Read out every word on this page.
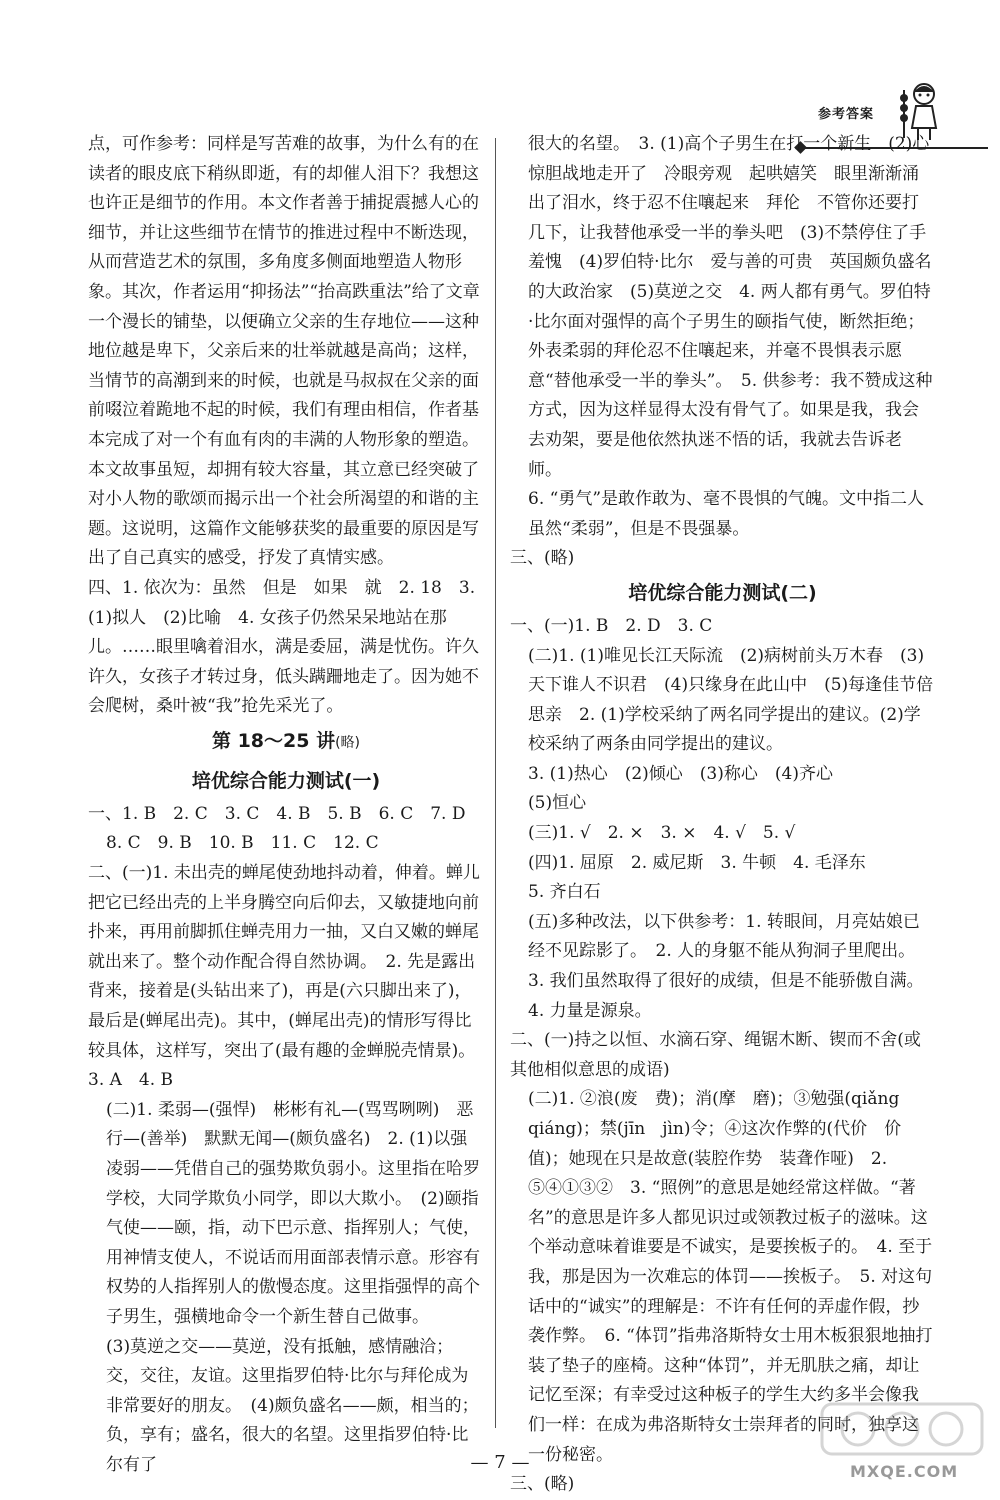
参考答案

点，可作参考：同样是写苦难的故事，为什么有的在读者的眼皮底下稍纵即逝，有的却催人泪下？我想这也许正是细节的作用。本文作者善于捕捉震撼人心的细节，并让这些细节在情节的推进过程中不断迭现，从而营造艺术的氛围，多角度多侧面地塑造人物形象。其次，作者运用“抑扬法”“抬高跌重法”给了文章一个漫长的铺垫，以便确立父亲的生存地位——这种地位越是卑下，父亲后来的壮举就越是高尚；这样，当情节的高潮到来的时候，也就是马叔叔在父亲的面前啜泣着跪地不起的时候，我们有理由相信，作者基本完成了对一个有血有肉的丰满的人物形象的塑造。本文故事虽短，却拥有较大容量，其立意已经突破了对小人物的歌颂而揭示出一个社会所渴望的和谐的主题。这说明，这篇作文能够获奖的最重要的原因是写出了自己真实的感受，抒发了真情实感。

四、1. 依次为：虽然　但是　如果　就　2. 18　3. (1)拟人　(2)比喻　4. 女孩子仍然呆呆地站在那儿。……眼里噙着泪水，满是委屈，满是忧伤。许久许久，女孩子才转过身，低头蹒跚地走了。因为她不会爬树，桑叶被“我”抢先采光了。

第 18～25 讲(略)
培优综合能力测试(一)

一、1. B　2. C　3. C　4. B　5. B　6. C　7. D

8. C　9. B　10. B　11. C　12. C

二、(一)1. 未出壳的蝉尾使劲地抖动着，伸着。蝉儿把它已经出壳的上半身腾空向后仰去，又敏捷地向前扑来，再用前脚抓住蝉壳用力一抽，又白又嫩的蝉尾就出来了。整个动作配合得自然协调。　2. 先是露出背来，接着是(头钻出来了)，再是(六只脚出来了)，最后是(蝉尾出壳)。其中，(蝉尾出壳)的情形写得比较具体，这样写，突出了(最有趣的金蝉脱壳情景)。　3. A　4. B

(二)1. 柔弱—(强悍)　彬彬有礼—(骂骂咧咧)　恶行—(善举)　默默无闻—(颇负盛名)　2. (1)以强凌弱——凭借自己的强势欺负弱小。这里指在哈罗学校，大同学欺负小同学，即以大欺小。　(2)颐指气使——颐，指，动下巴示意、指挥别人；气使，用神情支使人，不说话而用面部表情示意。形容有权势的人指挥别人的傲慢态度。这里指强悍的高个子男生，强横地命令一个新生替自己做事。

(3)莫逆之交——莫逆，没有抵触，感情融洽；交，交往，友谊。这里指罗伯特·比尔与拜伦成为非常要好的朋友。　(4)颇负盛名——颇，相当的；负，享有；盛名，很大的名望。这里指罗伯特·比尔有了

很大的名望。　3. (1)高个子男生在打一个新生　(2)心惊胆战地走开了　冷眼旁观　起哄嬉笑　眼里渐渐涌出了泪水，终于忍不住嚷起来　拜伦　不管你还要打几下，让我替他承受一半的拳头吧　(3)不禁停住了手　羞愧　(4)罗伯特·比尔　爱与善的可贵　英国颇负盛名的大政治家　(5)莫逆之交　4. 两人都有勇气。罗伯特·比尔面对强悍的高个子男生的颐指气使，断然拒绝；外表柔弱的拜伦忍不住嚷起来，并毫不畏惧表示愿意“替他承受一半的拳头”。　5. 供参考：我不赞成这种方式，因为这样显得太没有骨气了。如果是我，我会去劝架，要是他依然执迷不悟的话，我就去告诉老师。

6. “勇气”是敢作敢为、毫不畏惧的气魄。文中指二人虽然“柔弱”，但是不畏强暴。

三、(略)

培优综合能力测试(二)

一、(一)1. B　2. D　3. C

(二)1. (1)唯见长江天际流　(2)病树前头万木春　(3)天下谁人不识君　(4)只缘身在此山中　(5)每逢佳节倍思亲　2. (1)学校采纳了两名同学提出的建议。(2)学校采纳了两条由同学提出的建议。

3. (1)热心　(2)倾心　(3)称心　(4)齐心

(5)恒心

(三)1. √　2. ×　3. ×　4. √　5. √

(四)1. 屈原　2. 威尼斯　3. 牛顿　4. 毛泽东

5. 齐白石

(五)多种改法，以下供参考：1. 转眼间，月亮姑娘已经不见踪影了。　2. 人的身躯不能从狗洞子里爬出。　3. 我们虽然取得了很好的成绩，但是不能骄傲自满。　4. 力量是源泉。

二、(一)持之以恒、水滴石穿、绳锯木断、锲而不舍(或其他相似意思的成语)

(二)1. ②浪(废　费)；消(摩　磨)；③勉强(qiǎng　qiáng)；禁(jīn　jìn)令；④这次作弊的(代价　价值)；她现在只是故意(装腔作势　装聋作哑)　2. ⑤④①③②　3. “照例”的意思是她经常这样做。“著名”的意思是许多人都见识过或领教过板子的滋味。这个举动意味着谁要是不诚实，是要挨板子的。　4. 至于我，那是因为一次难忘的体罚——挨板子。　5. 对这句话中的“诚实”的理解是：不许有任何的弄虚作假，抄袭作弊。　6. “体罚”指弗洛斯特女士用木板狠狠地抽打装了垫子的座椅。这种“体罚”，并无肌肤之痛，却让记忆至深；有幸受过这种板子的学生大约多半会像我们一样：在成为弗洛斯特女士崇拜者的同时，独享这一份秘密。

三、(略)

— 7 —	MXQE.COM
